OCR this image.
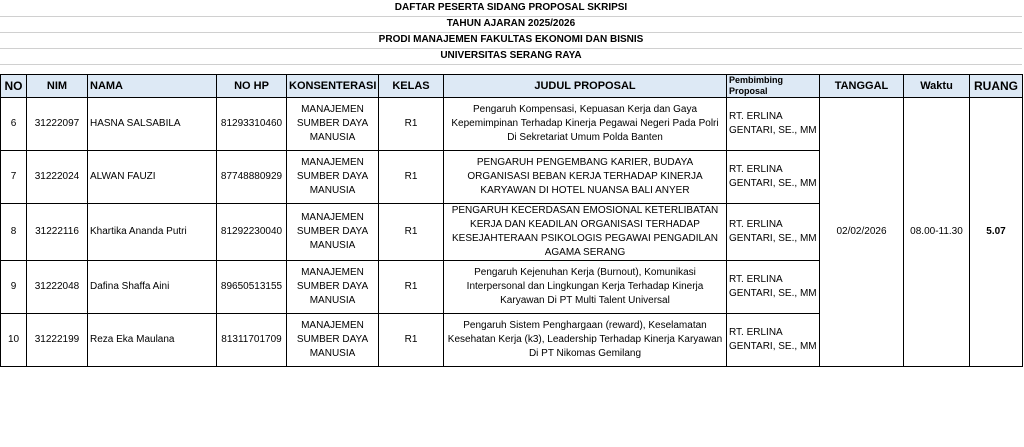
DAFTAR PESERTA SIDANG PROPOSAL SKRIPSI
TAHUN AJARAN 2025/2026
PRODI MANAJEMEN FAKULTAS EKONOMI DAN BISNIS
UNIVERSITAS SERANG RAYA
NO	NIM	NAMA	NO HP	KONSENTERASI	KELAS	JUDUL PROPOSAL	Pembimbing Proposal	TANGGAL	Waktu	RUANG
6	31222097	HASNA SALSABILA	81293310460	MANAJEMEN SUMBER DAYA MANUSIA	R1	Pengaruh Kompensasi, Kepuasan Kerja dan Gaya Kepemimpinan Terhadap Kinerja Pegawai Negeri Pada Polri Di Sekretariat Umum Polda Banten	RT. ERLINA GENTARI, SE., MM	02/02/2026	08.00-11.30	5.07
7	31222024	ALWAN FAUZI	87748880929	MANAJEMEN SUMBER DAYA MANUSIA	R1	PENGARUH PENGEMBANG KARIER, BUDAYA ORGANISASI BEBAN KERJA TERHADAP KINERJA KARYAWAN DI HOTEL NUANSA BALI ANYER	RT. ERLINA GENTARI, SE., MM			
8	31222116	Khartika Ananda Putri	81292230040	MANAJEMEN SUMBER DAYA MANUSIA	R1	PENGARUH KECERDASAN EMOSIONAL KETERLIBATAN KERJA DAN KEADILAN ORGANISASI TERHADAP KESEJAHTERAAN PSIKOLOGIS PEGAWAI PENGADILAN AGAMA SERANG	RT. ERLINA GENTARI, SE., MM			
9	31222048	Dafina Shaffa Aini	89650513155	MANAJEMEN SUMBER DAYA MANUSIA	R1	Pengaruh Kejenuhan Kerja (Burnout), Komunikasi Interpersonal dan Lingkungan Kerja Terhadap Kinerja Karyawan Di PT Multi Talent Universal	RT. ERLINA GENTARI, SE., MM			
10	31222199	Reza Eka Maulana	81311701709	MANAJEMEN SUMBER DAYA MANUSIA	R1	Pengaruh Sistem Penghargaan (reward), Keselamatan Kesehatan Kerja (k3), Leadership Terhadap Kinerja Karyawan Di PT Nikomas Gemilang	RT. ERLINA GENTARI, SE., MM			
